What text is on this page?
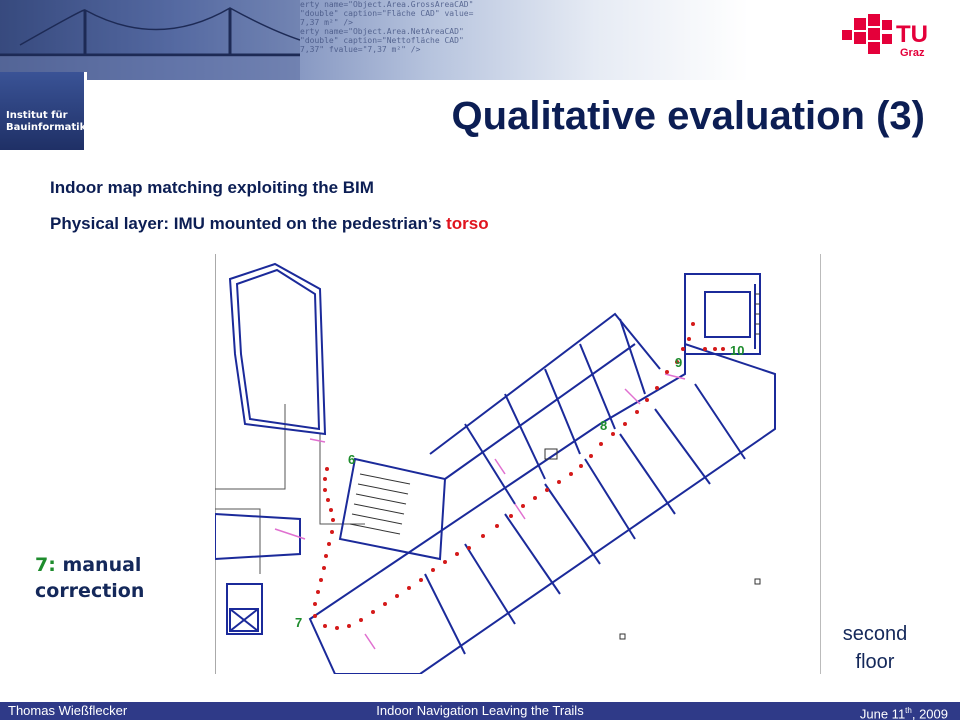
erty name="Object.Area.GrossAreaCAD"
"double" caption="Fläche CAD" value=
7,37 m²" />
erty name="Object.Area.NetAreaCAD"
"double" caption="Nettofläche CAD"
7,37" fvalue="7,37 m²" />
TU
Graz
Institut für
Bauinformatik	Qualitative evaluation (3)
Indoor map matching exploiting the BIM
Physical layer: IMU mounted on the pedestrian’s torso
6
7
8
9
10
7: manual
correction
second
floor
Thomas Wießflecker	Indoor Navigation Leaving the Trails	June 11th, 2009
